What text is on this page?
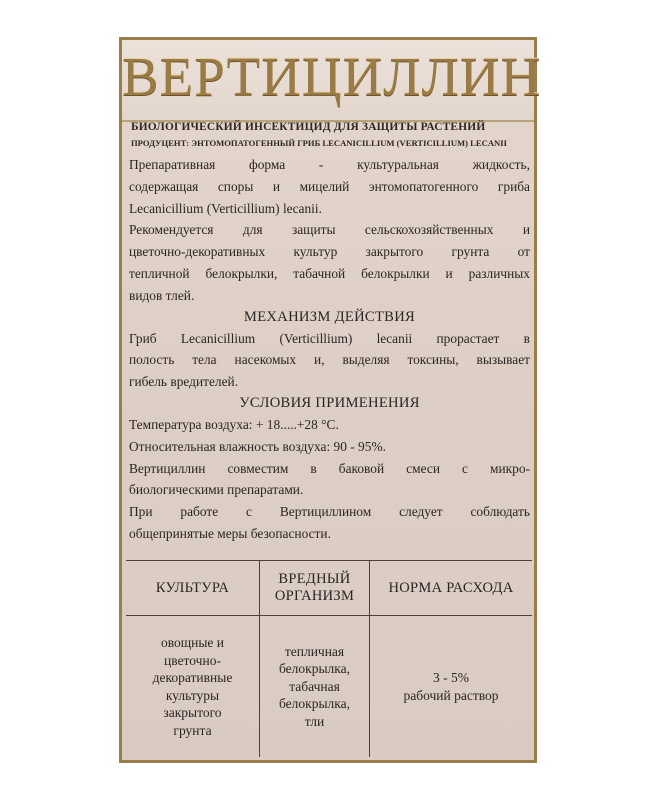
ВЕРТИЦИЛЛИН
БИОЛОГИЧЕСКИЙ ИНСЕКТИЦИД ДЛЯ ЗАЩИТЫ РАСТЕНИЙ
ПРОДУЦЕНТ: ЭНТОМОПАТОГЕННЫЙ ГРИБ LECANICILLIUM (VERTICILLIUM) LECANII

Препаративная форма - культуральная жидкость,

содержащая споры и мицелий энтомопатогенного гриба

Lecanicillium (Verticillium) lecanii.

Рекомендуется для защиты сельскохозяйственных и

цветочно-декоративных культур закрытого грунта от

тепличной белокрылки, табачной белокрылки и различных

видов тлей.

МЕХАНИЗМ ДЕЙСТВИЯ

Гриб Lecanicillium (Verticillium) lecanii прорастает в

полость тела насекомых и, выделяя токсины, вызывает

гибель вредителей.

УСЛОВИЯ ПРИМЕНЕНИЯ

Температура воздуха: + 18.....+28 °С.

Относительная влажность воздуха: 90 - 95%.

Вертициллин совместим в баковой смеси с микро-

биологическими препаратами.

При работе с Вертициллином следует соблюдать

общепринятые меры безопасности.

КУЛЬТУРА
ВРЕДНЫЙ
ОРГАНИЗМ
НОРМА РАСХОДА
овощные и
цветочно-
декоративные
культуры
закрытого
грунта
тепличная
белокрылка,
табачная
белокрылка,
тли
3 - 5%
рабочий раствор
